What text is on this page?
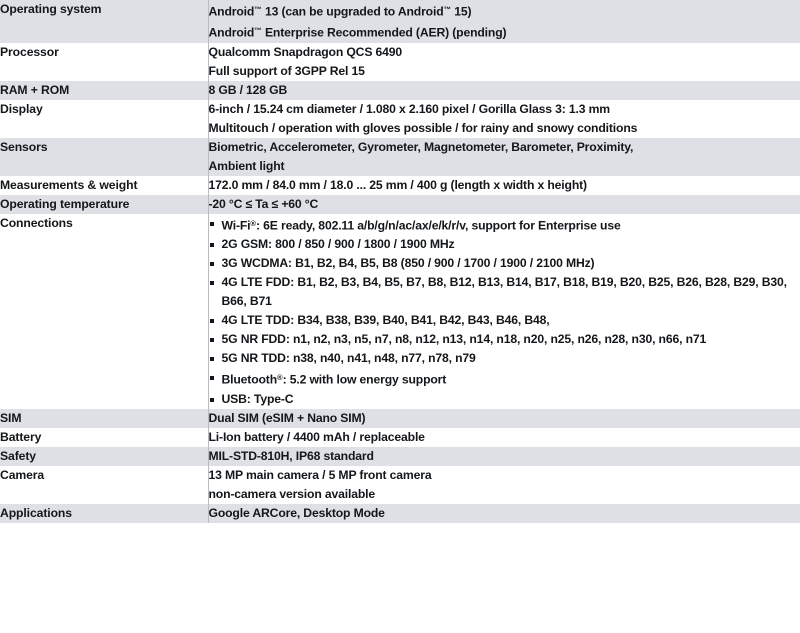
Operating system	Android™ 13 (can be upgraded to Android™ 15)
Android™ Enterprise Recommended (AER) (pending)

Processor	Qualcomm Snapdragon QCS 6490
Full support of 3GPP Rel 15

RAM + ROM	8 GB / 128 GB

Display	6-inch / 15.24 cm diameter / 1.080 x 2.160 pixel / Gorilla Glass 3: 1.3 mm
Multitouch / operation with gloves possible / for rainy and snowy conditions

Sensors	Biometric, Accelerometer, Gyrometer, Magnetometer, Barometer, Proximity,
Ambient light

Measurements & weight	172.0 mm / 84.0 mm / 18.0 ... 25 mm / 400 g (length x width x height)

Operating temperature	-20 °C ≤ Ta ≤ +60 °C

Connections	Wi-Fi®: 6E ready, 802.11 a/b/g/n/ac/ax/e/k/r/v, support for Enterprise use
2G GSM: 800 / 850 / 900 / 1800 / 1900 MHz
3G WCDMA: B1, B2, B4, B5, B8 (850 / 900 / 1700 / 1900 / 2100 MHz)
4G LTE FDD: B1, B2, B3, B4, B5, B7, B8, B12, B13, B14, B17, B18, B19, B20, B25, B26, B28, B29, B30, B66, B71
4G LTE TDD: B34, B38, B39, B40, B41, B42, B43, B46, B48,
5G NR FDD: n1, n2, n3, n5, n7, n8, n12, n13, n14, n18, n20, n25, n26, n28, n30, n66, n71
5G NR TDD: n38, n40, n41, n48, n77, n78, n79
Bluetooth®: 5.2 with low energy support
USB: Type-C

SIM	Dual SIM (eSIM + Nano SIM)

Battery	Li-Ion battery / 4400 mAh / replaceable

Safety	MIL-STD-810H, IP68 standard

Camera	13 MP main camera / 5 MP front camera
non-camera version available

Applications	Google ARCore, Desktop Mode
